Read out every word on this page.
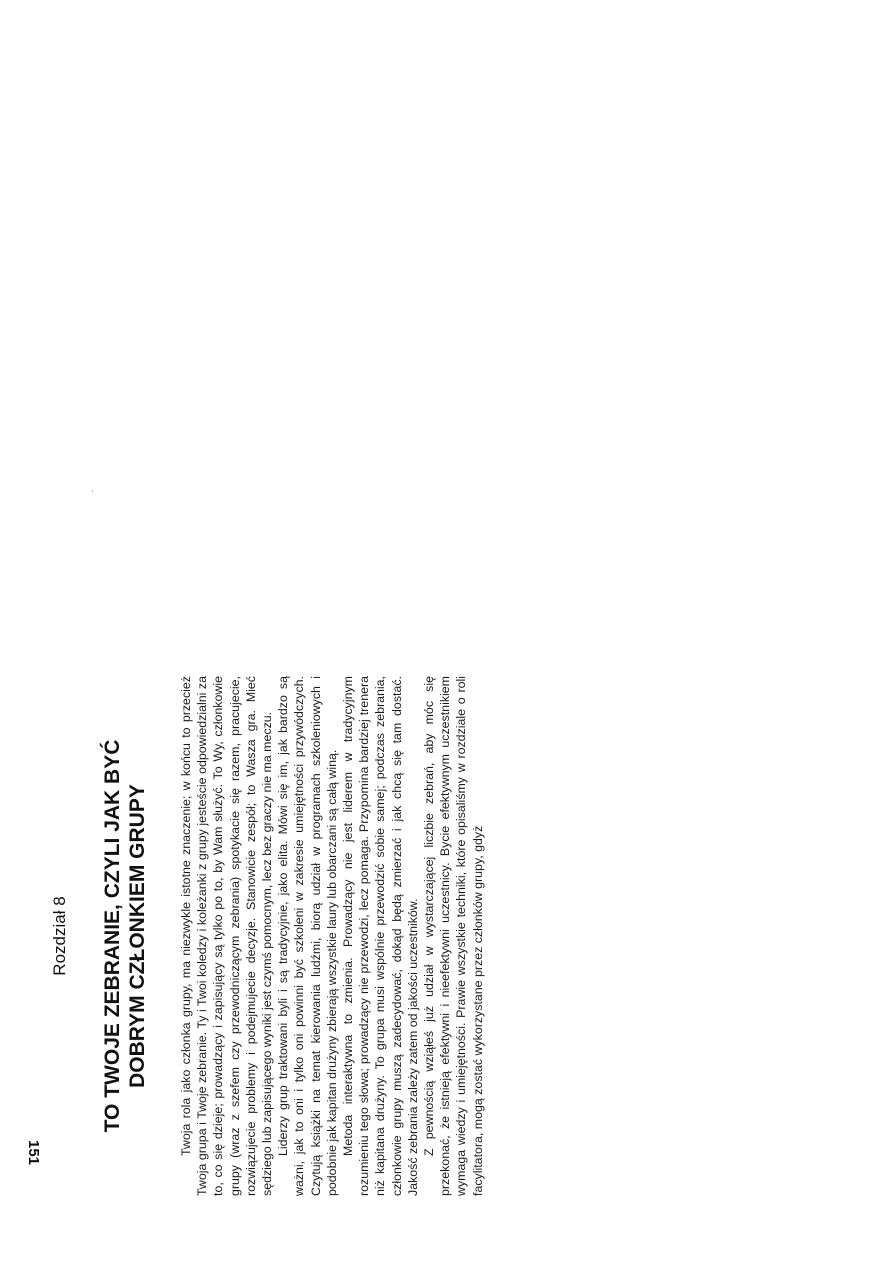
Rozdział 8 TO TWOJE ZEBRANIE, CZYLI JAK BYĆ DOBRYM CZŁONKIEM GRUPY Twoja rola jako członka grupy, ma niezwykle istotne znaczenie; w końcu to przecież Twoja grupa i Twoje zebranie. Ty i Twoi koledzy i koleżanki z grupy jesteście odpowiedzialni za to, co się dzieje; prowadzący i zapisujący są tylko po to, by Wam służyć. To Wy, członkowie grupy (wraz z szefem czy przewodniczącym zebrania) spotykacie się razem, pracujecie, rozwiązujecie problemy i podejmujecie decyzje. Stanowicie zespół; to Wasza gra. Mieć sędziego lub zapisującego wyniki jest czymś pomocnym, lecz bez graczy nie ma meczu. Liderzy grup traktowani byli i są tradycyjnie, jako elita. Mówi się im, jak bardzo są ważni, jak to oni i tylko oni powinni być szkoleni w zakresie umiejętności przywódczych. Czytują książki na temat kierowania ludźmi, biorą udział w programach szkoleniowych i podobnie jak kapitan drużyny zbierają wszystkie laury lub obarczani są całą winą. Metoda interaktywna to zmienia. Prowadzący nie jest liderem w tradycyjnym rozumieniu tego słowa; prowadzący nie przewodzi, lecz pomaga. Przypomina bardziej trenera niż kapitana drużyny. To grupa musi wspólnie przewodzić sobie samej; podczas zebrania, członkowie grupy muszą zadecydować, dokąd będą zmierzać i jak chcą się tam dostać. Jakość zebrania zależy zatem od jakości uczestników. Z pewnością wziąłeś już udział w wystarczającej liczbie zebrań, aby móc się przekonać, że istnieją efektywni i nieefektywni uczestnicy. Bycie efektywnym uczestnikiem wymaga wiedzy i umiejętności. Prawie wszystkie techniki, które opisaliśmy w rozdziale o roli facylitatora, mogą zostać wykorzystane przez członków grupy, gdyż

151
